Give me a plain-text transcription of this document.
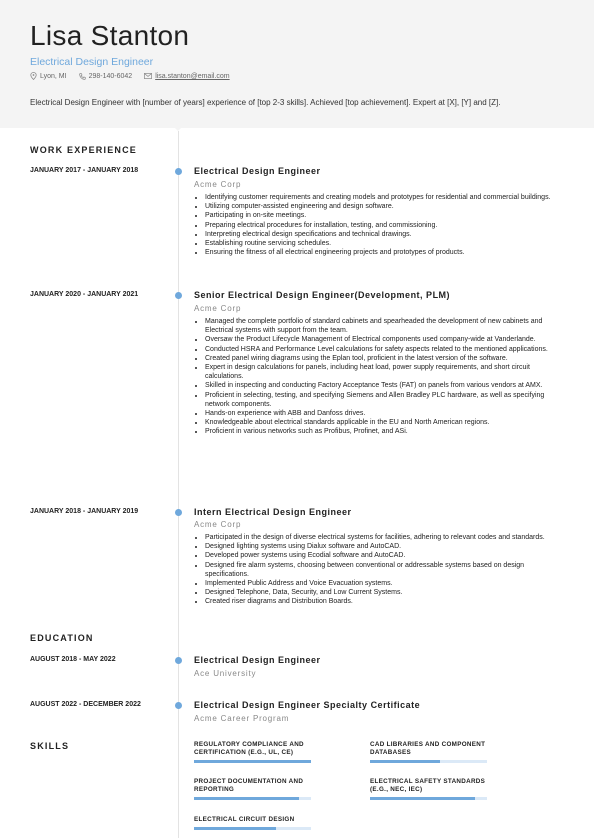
Lisa Stanton
Electrical Design Engineer
Lyon, MI	298-140-6042	lisa.stanton@email.com
Electrical Design Engineer with [number of years] experience of [top 2-3 skills]. Achieved [top achievement]. Expert at [X], [Y] and [Z].
WORK EXPERIENCE
JANUARY 2017 - JANUARY 2018	Electrical Design Engineer
Acme Corp
• Identifying customer requirements and creating models and prototypes for residential and commercial buildings.
• Utilizing computer-assisted engineering and design software.
• Participating in on-site meetings.
• Preparing electrical procedures for installation, testing, and commissioning.
• Interpreting electrical design specifications and technical drawings.
• Establishing routine servicing schedules.
• Ensuring the fitness of all electrical engineering projects and prototypes of products.
JANUARY 2020 - JANUARY 2021	Senior Electrical Design Engineer(Development, PLM)
Acme Corp
• Managed the complete portfolio of standard cabinets and spearheaded the development of new cabinets and Electrical systems with support from the team.
• Oversaw the Product Lifecycle Management of Electrical components used company-wide at Vanderlande.
• Conducted HSRA and Performance Level calculations for safety aspects related to the mentioned applications.
• Created panel wiring diagrams using the Eplan tool, proficient in the latest version of the software.
• Expert in design calculations for panels, including heat load, power supply requirements, and short circuit calculations.
• Skilled in inspecting and conducting Factory Acceptance Tests (FAT) on panels from various vendors at AMX.
• Proficient in selecting, testing, and specifying Siemens and Allen Bradley PLC hardware, as well as specifying network components.
• Hands-on experience with ABB and Danfoss drives.
• Knowledgeable about electrical standards applicable in the EU and North American regions.
• Proficient in various networks such as Profibus, Profinet, and ASi.
JANUARY 2018 - JANUARY 2019	Intern Electrical Design Engineer
Acme Corp
• Participated in the design of diverse electrical systems for facilities, adhering to relevant codes and standards.
• Designed lighting systems using Dialux software and AutoCAD.
• Developed power systems using Ecodial software and AutoCAD.
• Designed fire alarm systems, choosing between conventional or addressable systems based on design specifications.
• Implemented Public Address and Voice Evacuation systems.
• Designed Telephone, Data, Security, and Low Current Systems.
• Created riser diagrams and Distribution Boards.
EDUCATION
AUGUST 2018 - MAY 2022	Electrical Design Engineer
Ace University
AUGUST 2022 - DECEMBER 2022	Electrical Design Engineer Specialty Certificate
Acme Career Program
SKILLS	REGULATORY COMPLIANCE AND CERTIFICATION (E.G., UL, CE)
CAD LIBRARIES AND COMPONENT DATABASES
PROJECT DOCUMENTATION AND REPORTING
ELECTRICAL SAFETY STANDARDS (E.G., NEC, IEC)
ELECTRICAL CIRCUIT DESIGN
